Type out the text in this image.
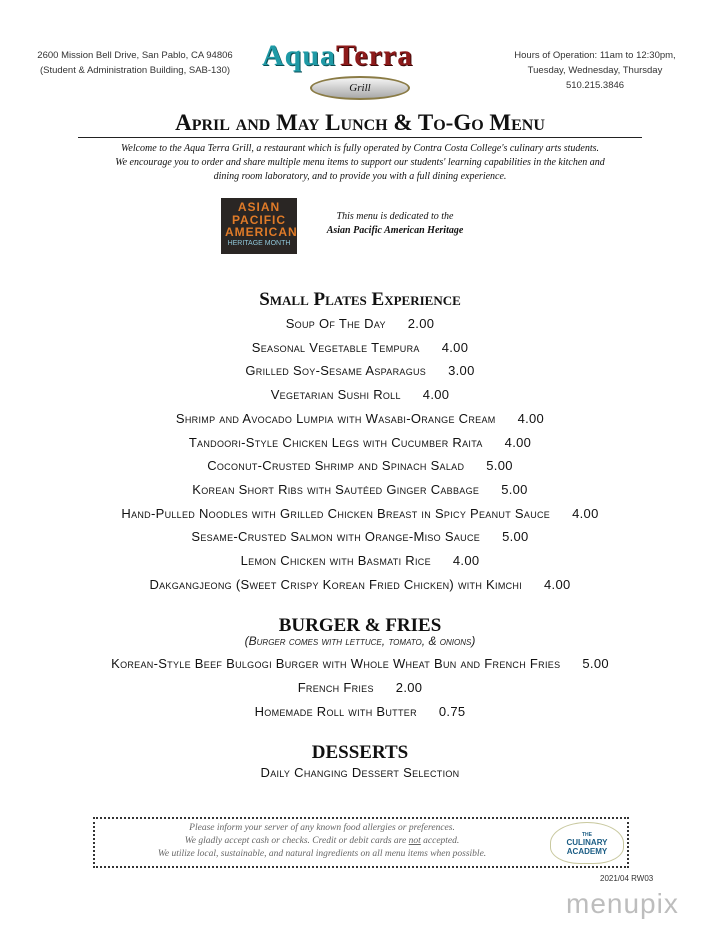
2600 Mission Bell Drive, San Pablo, CA 94806
(Student & Administration Building, SAB-130)	AquaTerra
Grill
Hours of Operation: 11am to 12:30pm,
Tuesday, Wednesday, Thursday
510.215.3846
April and May Lunch & To-Go Menu
Welcome to the Aqua Terra Grill, a restaurant which is fully operated by Contra Costa College's culinary arts students.
We encourage you to order and share multiple menu items to support our students' learning capabilities in the kitchen and
dining room laboratory, and to provide you with a full dining experience.
ASIAN
PACIFIC
AMERICAN
HERITAGE MONTH
This menu is dedicated to the
Asian Pacific American Heritage
Small Plates Experience
Soup Of The Day 2.00
Seasonal Vegetable Tempura 4.00
Grilled Soy-Sesame Asparagus 3.00
Vegetarian Sushi Roll 4.00
Shrimp and Avocado Lumpia with Wasabi-Orange Cream 4.00
Tandoori-Style Chicken Legs with Cucumber Raita 4.00
Coconut-Crusted Shrimp and Spinach Salad 5.00
Korean Short Ribs with Sautéed Ginger Cabbage 5.00
Hand-Pulled Noodles with Grilled Chicken Breast in Spicy Peanut Sauce 4.00
Sesame-Crusted Salmon with Orange-Miso Sauce 5.00
Lemon Chicken with Basmati Rice 4.00
Dakgangjeong (Sweet Crispy Korean Fried Chicken) with Kimchi 4.00
BURGER & FRIES
(Burger comes with lettuce, tomato, & onions)
Korean-Style Beef Bulgogi Burger with Whole Wheat Bun and French Fries 5.00
French Fries 2.00
Homemade Roll with Butter 0.75
DESSERTS
Daily Changing Dessert Selection
Please inform your server of any known food allergies or preferences.
We gladly accept cash or checks. Credit or debit cards are not accepted.
We utilize local, sustainable, and natural ingredients on all menu items when possible.
THE
CULINARY
ACADEMY
2021/04 RW03
menupix
